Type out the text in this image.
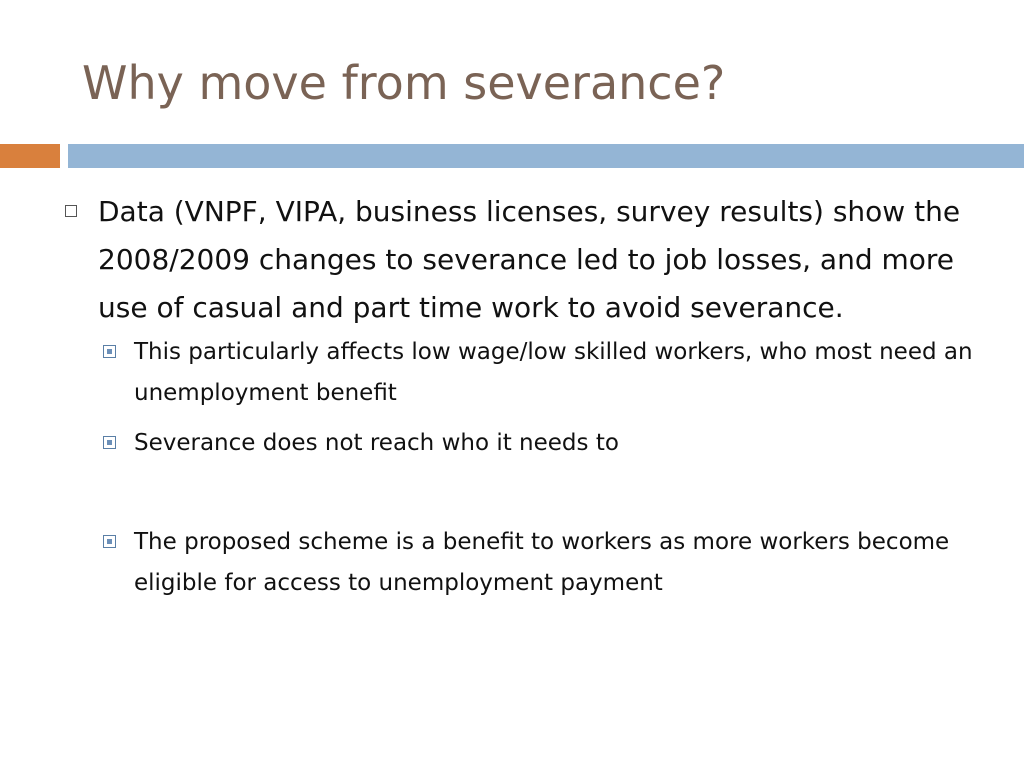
Why move from severance?
Data (VNPF, VIPA, business licenses, survey results) show the 2008/2009 changes to severance led to job losses, and more use of casual and part time work to avoid severance.
This particularly affects low wage/low skilled workers, who most need an unemployment benefit
Severance does not reach who it needs to
The proposed scheme is a benefit to workers as more workers become eligible for access to unemployment payment
